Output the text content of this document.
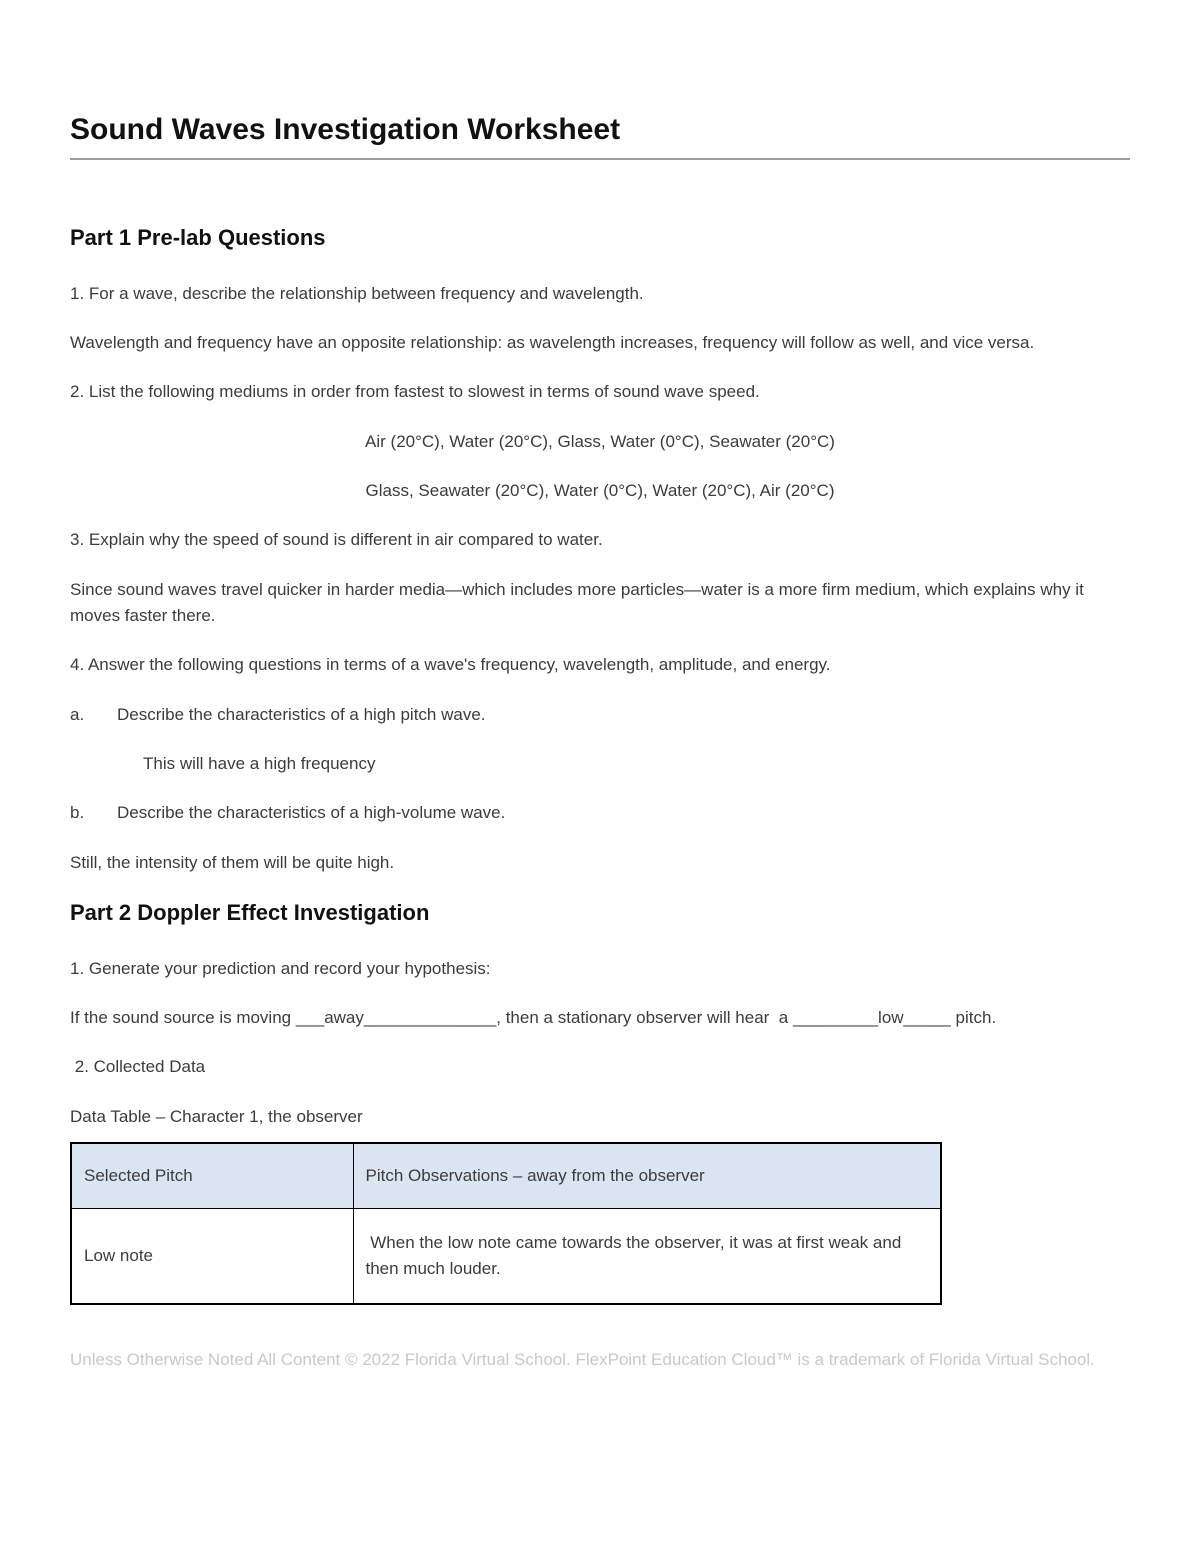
Sound Waves Investigation Worksheet
Part 1 Pre-lab Questions

1. For a wave, describe the relationship between frequency and wavelength.

Wavelength and frequency have an opposite relationship: as wavelength increases, frequency will follow as well, and vice versa.

2. List the following mediums in order from fastest to slowest in terms of sound wave speed.

Air (20°C), Water (20°C), Glass, Water (0°C), Seawater (20°C)

Glass, Seawater (20°C), Water (0°C), Water (20°C), Air (20°C)

3. Explain why the speed of sound is different in air compared to water.

Since sound waves travel quicker in harder media—which includes more particles—water is a more firm medium, which explains why it moves faster there.

4. Answer the following questions in terms of a wave's frequency, wavelength, amplitude, and energy.

a.	Describe the characteristics of a high pitch wave.

This will have a high frequency

b.	Describe the characteristics of a high-volume wave.

Still, the intensity of them will be quite high.

Part 2 Doppler Effect Investigation

1. Generate your prediction and record your hypothesis:

If the sound source is moving ___away______________, then a stationary observer will hear  a _________low_____ pitch.

2. Collected Data

Data Table – Character 1, the observer

Selected Pitch	Pitch Observations – away from the observer
Low note	When the low note came towards the observer, it was at first weak and then much louder.

Unless Otherwise Noted All Content © 2022 Florida Virtual School. FlexPoint Education Cloud™ is a trademark of Florida Virtual School.
